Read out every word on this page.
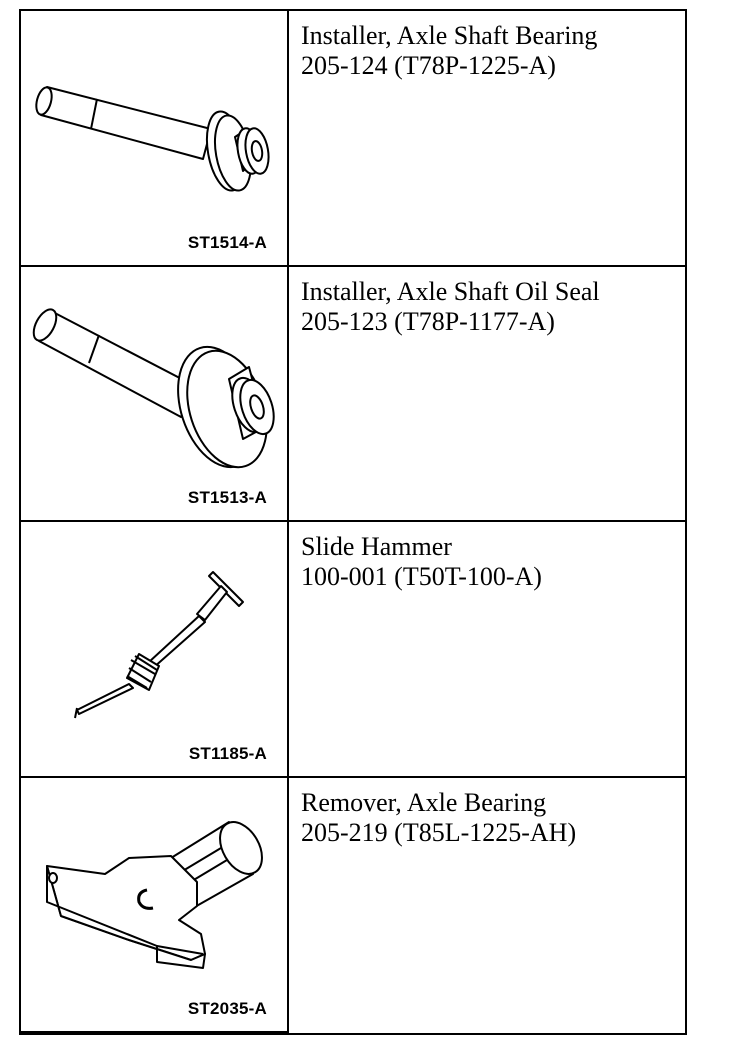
ST1514-A
Installer, Axle Shaft Bearing
205-124 (T78P-1225-A)
ST1513-A
Installer, Axle Shaft Oil Seal
205-123 (T78P-1177-A)
ST1185-A
Slide Hammer
100-001 (T50T-100-A)
ST2035-A
Remover, Axle Bearing
205-219 (T85L-1225-AH)
